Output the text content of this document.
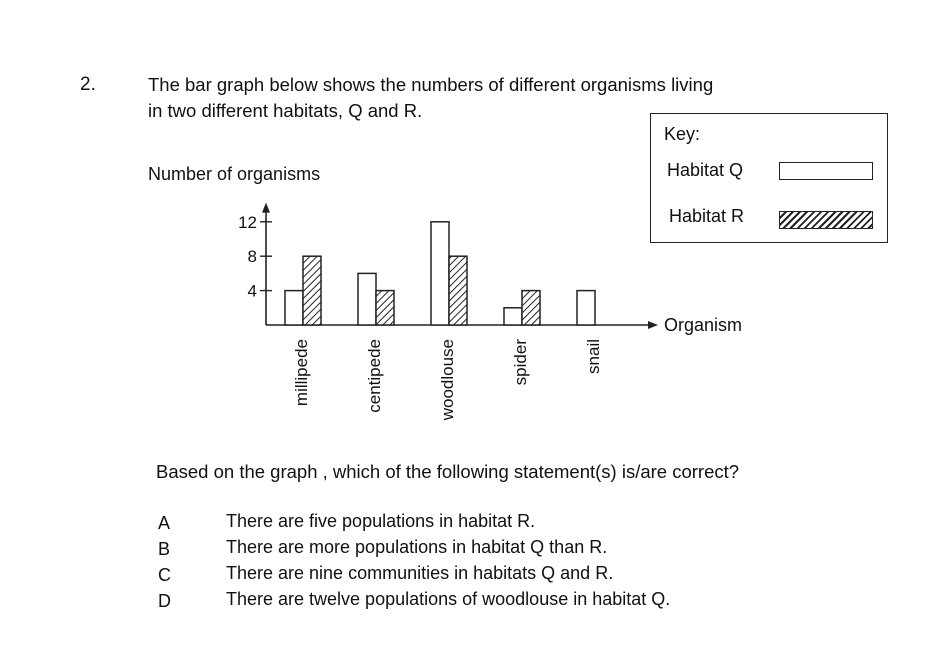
2.	The bar graph below shows the numbers of different organisms living
in two different habitats, Q and R.
Key:
Habitat Q
Habitat R
Number of organisms
Organism
4
8
12
millipede	centipede	woodlouse	spider	snail
Based on the graph , which of the following statement(s) is/are correct?
A	There are five populations in habitat R.
B	There are more populations in habitat Q than R.
C	There are nine communities in habitats Q and R.
D	There are twelve populations of woodlouse in habitat Q.
